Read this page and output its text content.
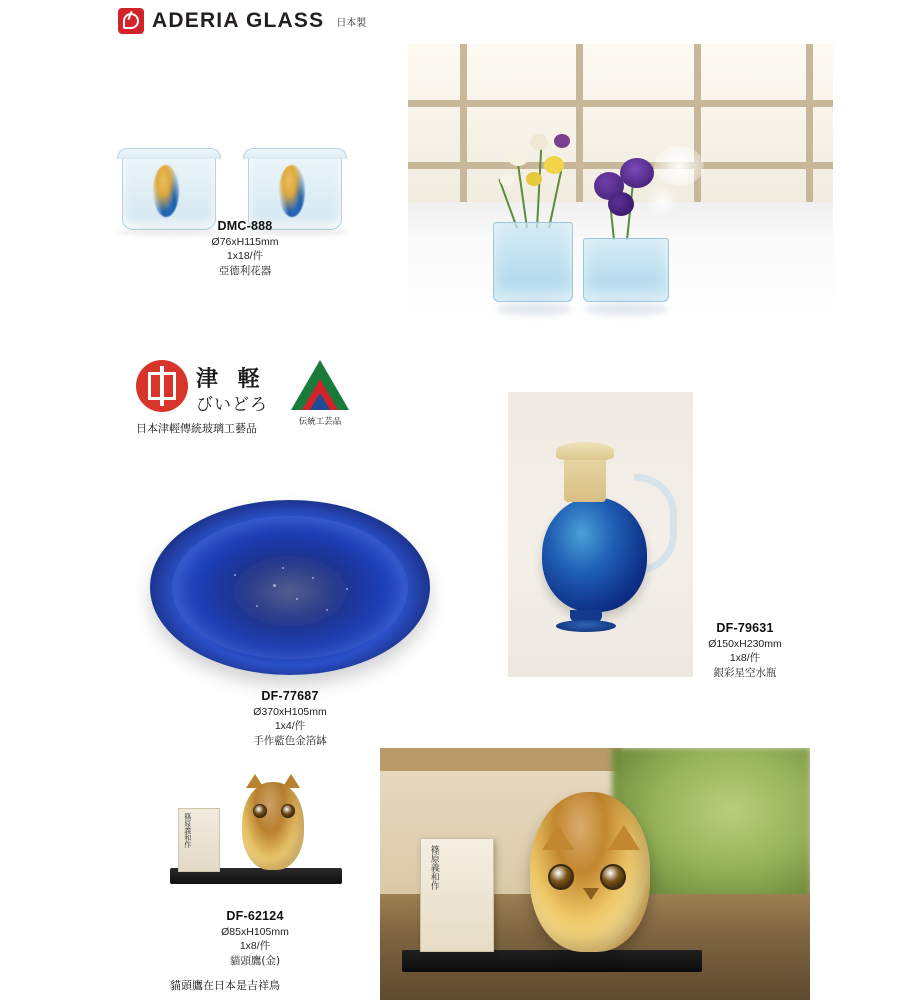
ADERIA GLASS 日本製
DMC-888
Ø76xH115mm
1x18/件
亞德利花器
津 軽
びいどろ
日本津輕傳統玻璃工藝品	伝統工芸品
DF-77687
Ø370xH105mm
1x4/件
手作藍色金箔缽
DF-79631
Ø150xH230mm
1x8/件
銀彩星空水瓶
篠原義和作
DF-62124
Ø85xH105mm
1x8/件
貓頭鷹(金)
貓頭鷹在日本是吉祥鳥
篠原義和作
